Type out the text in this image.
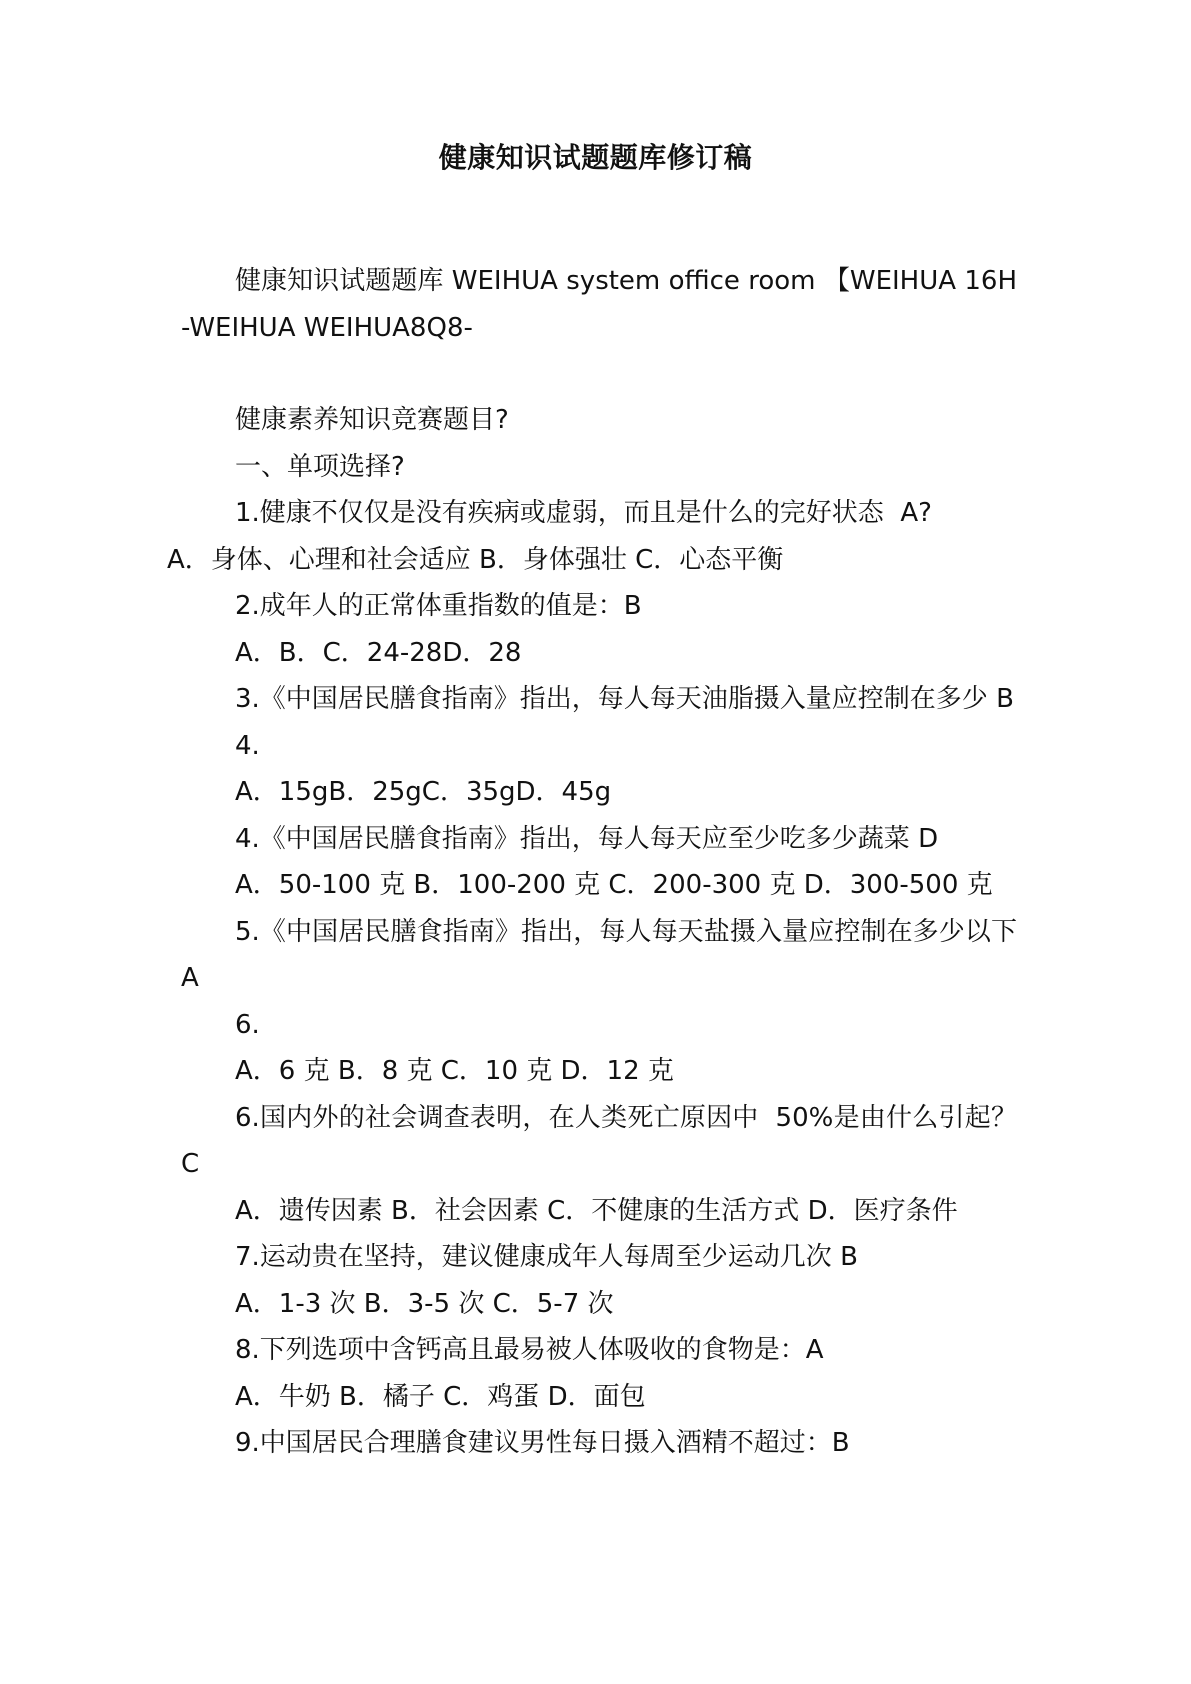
健康知识试题题库修订稿

健康知识试题题库 WEIHUA system office room 【WEIHUA 16H-WEIHUA WEIHUA8Q8-

健康素养知识竞赛题目?

一、单项选择?

1.健康不仅仅是没有疾病或虚弱，而且是什么的完好状态  A?

A．身体、心理和社会适应 B．身体强壮 C．心态平衡

2.成年人的正常体重指数的值是：B

A．B．C．24-28D．28

3.《中国居民膳食指南》指出，每人每天油脂摄入量应控制在多少 B

4.

A．15gB．25gC．35gD．45g

4.《中国居民膳食指南》指出，每人每天应至少吃多少蔬菜 D

A．50-100 克 B．100-200 克 C．200-300 克 D．300-500 克

5.《中国居民膳食指南》指出，每人每天盐摄入量应控制在多少以下 A

6.

A．6 克 B．8 克 C．10 克 D．12 克

6.国内外的社会调查表明，在人类死亡原因中  50%是由什么引起？C

A．遗传因素 B．社会因素 C．不健康的生活方式 D．医疗条件

7.运动贵在坚持，建议健康成年人每周至少运动几次 B

A．1-3 次 B．3-5 次 C．5-7 次

8.下列选项中含钙高且最易被人体吸收的食物是：A

A．牛奶 B．橘子 C．鸡蛋 D．面包

9.中国居民合理膳食建议男性每日摄入酒精不超过：B
